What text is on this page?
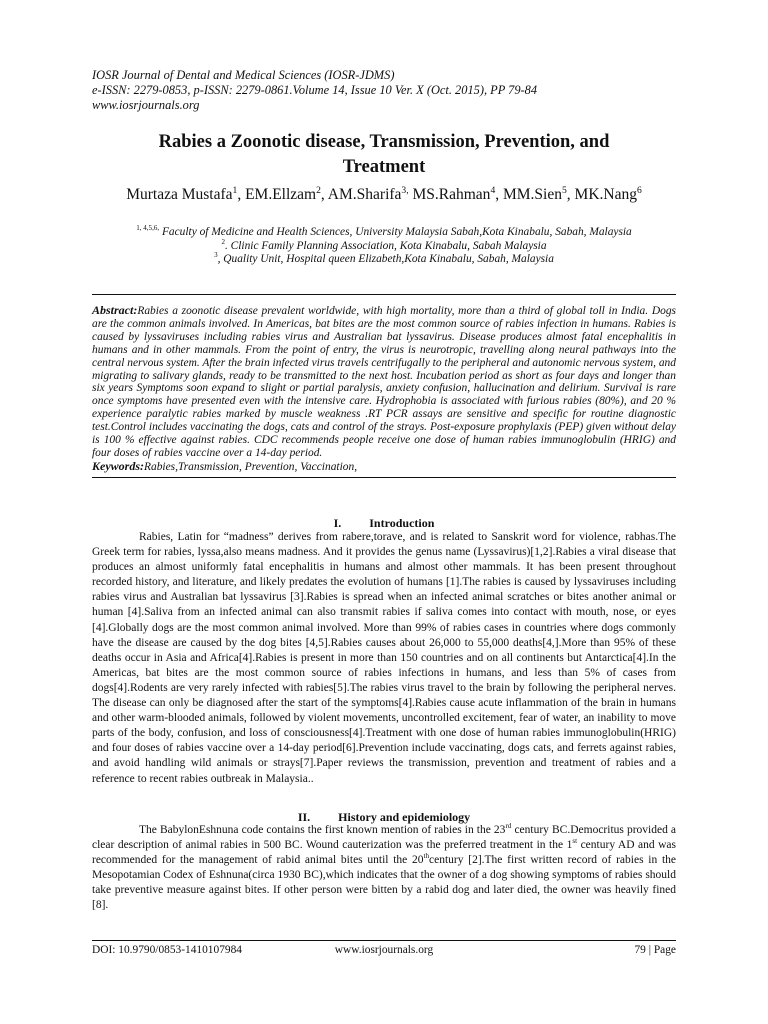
IOSR Journal of Dental and Medical Sciences (IOSR-JDMS)
e-ISSN: 2279-0853, p-ISSN: 2279-0861.Volume 14, Issue 10 Ver. X (Oct. 2015), PP 79-84
www.iosrjournals.org
Rabies a Zoonotic disease, Transmission, Prevention, and
Treatment
Murtaza Mustafa$^1$, EM.Ellzam$^2$, AM.Sharifa$^{3,}$ MS.Rahman$^4$, MM.Sien$^5$, MK.Nang$^6$
$^{1, 4,5,6,}$ Faculty of Medicine and Health Sciences, University Malaysia Sabah,Kota Kinabalu, Sabah, Malaysia
$^2$. Clinic Family Planning Association, Kota Kinabalu, Sabah Malaysia
$^3$, Quality Unit, Hospital queen Elizabeth,Kota Kinabalu, Sabah, Malaysia

Abstract:Rabies a zoonotic disease prevalent worldwide, with high mortality, more than a third of global toll in India. Dogs are the common animals involved. In Americas, bat bites are the most common source of rabies infection in humans. Rabies is caused by lyssaviruses including rabies virus and Australian bat lyssavirus. Disease produces almost fatal encephalitis in humans and in other mammals. From the point of entry, the virus is neurotropic, travelling along neural pathways into the central nervous system. After the brain infected virus travels centrifugally to the peripheral and autonomic nervous system, and migrating to salivary glands, ready to be transmitted to the next host. Incubation period as short as four days and longer than six years Symptoms soon expand to slight or partial paralysis, anxiety confusion, hallucination and delirium. Survival is rare once symptoms have presented even with the intensive care. Hydrophobia is associated with furious rabies (80%), and 20 % experience paralytic rabies marked by muscle weakness .RT PCR assays are sensitive and specific for routine diagnostic test.Control includes vaccinating the dogs, cats and control of the strays. Post-exposure prophylaxis (PEP) given without delay is 100 % effective against rabies. CDC recommends people receive one dose of human rabies immunoglobulin (HRIG) and four doses of rabies vaccine over a 14-day period.

Keywords:Rabies,Transmission, Prevention, Vaccination,

I. Introduction

Rabies, Latin for “madness” derives from rabere,torave, and is related to Sanskrit word for violence, rabhas.The Greek term for rabies, lyssa,also means madness. And it provides the genus name (Lyssavirus)[1,2].Rabies a viral disease that produces an almost uniformly fatal encephalitis in humans and almost other mammals. It has been present throughout recorded history, and literature, and likely predates the evolution of humans [1].The rabies is caused by lyssaviruses including rabies virus and Australian bat lyssavirus [3].Rabies is spread when an infected animal scratches or bites another animal or human [4].Saliva from an infected animal can also transmit rabies if saliva comes into contact with mouth, nose, or eyes [4].Globally dogs are the most common animal involved. More than 99% of rabies cases in countries where dogs commonly have the disease are caused by the dog bites [4,5].Rabies causes about 26,000 to 55,000 deaths[4,].More than 95% of these deaths occur in Asia and Africa[4].Rabies is present in more than 150 countries and on all continents but Antarctica[4].In the Americas, bat bites are the most common source of rabies infections in humans, and less than 5% of cases from dogs[4].Rodents are very rarely infected with rabies[5].The rabies virus travel to the brain by following the peripheral nerves. The disease can only be diagnosed after the start of the symptoms[4].Rabies cause acute inflammation of the brain in humans and other warm-blooded animals, followed by violent movements, uncontrolled excitement, fear of water, an inability to move parts of the body, confusion, and loss of consciousness[4].Treatment with one dose of human rabies immunoglobulin(HRIG) and four doses of rabies vaccine over a 14-day period[6].Prevention include vaccinating, dogs cats, and ferrets against rabies, and avoid handling wild animals or strays[7].Paper reviews the transmission, prevention and treatment of rabies and a reference to recent rabies outbreak in Malaysia..

II. History and epidemiology

The BabylonEshnuna code contains the first known mention of rabies in the 23rd century BC.Democritus provided a clear description of animal rabies in 500 BC. Wound cauterization was the preferred treatment in the 1st century AD and was recommended for the management of rabid animal bites until the 20thcentury [2].The first written record of rabies in the Mesopotamian Codex of Eshnuna(circa 1930 BC),which indicates that the owner of a dog showing symptoms of rabies should take preventive measure against bites. If other person were bitten by a rabid dog and later died, the owner was heavily fined [8].

DOI: 10.9790/0853-1410107984	www.iosrjournals.org	79 | Page
